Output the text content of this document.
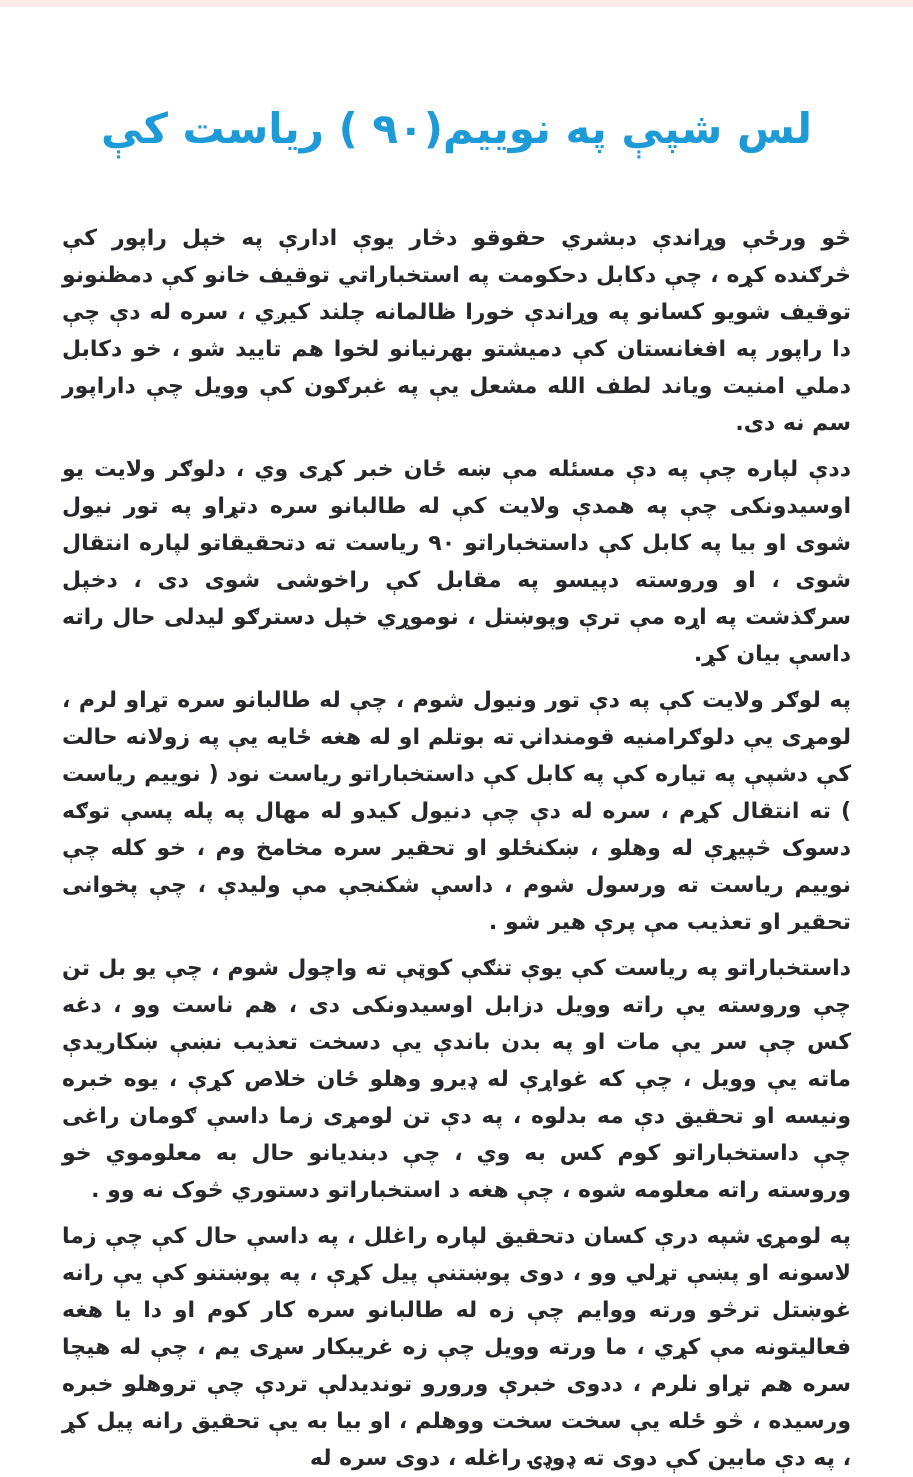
لس شپې په نوييم(۹۰ ) رياست کې

څو ورځې وړاندې دبشري حقوقو دڅار يوې ادارې په خپل راپور کې څرګنده کړه ، چې دکابل دحکومت په استخباراتي توقيف خانو کې دمظنونو توقيف شويو کسانو په وړاندې خورا ظالمانه چلند کيږي ، سره له دې چې دا راپور په افغانستان کې دميشتو بهرنيانو لخوا هم تاييد شو ، خو دکابل دملي امنيت وياند لطف الله مشعل يې په غبرګون کې وويل چې داراپور سم نه دی.

ددې لپاره چې په دې مسئله مې ښه ځان خبر کړی وي ، دلوګر ولايت يو اوسيدونکی چې په همدې ولايت کې له طالبانو سره دتړاو په تور نيول شوی او بيا په کابل کې داستخباراتو ۹۰ رياست ته دتحقيقاتو لپاره انتقال شوی ، او وروسته دپيسو په مقابل کې راخوشی شوی دی ، دخپل سرګذشت په اړه مې ترې وپوښتل ، نوموړي خپل دسترګو ليدلی حال راته داسې بيان کړ.

په لوګر ولايت کې په دې تور ونيول شوم ، چې له طالبانو سره تړاو لرم ، لومړی يې دلوګرامنيه قومندانۍ ته بوتلم او له هغه ځايه يې په زولانه حالت کې دشپې په تياره کې په کابل کې داستخباراتو رياست نود ( نوييم رياست ) ته انتقال کړم ، سره له دې چې دنيول کيدو له مهال په پله پسې توګه دسوک څپيړې له وهلو ، ښکنځلو او تحقير سره مخامخ وم ، خو کله چې نوييم رياست ته ورسول شوم ، داسې شکنجې مې وليدې ، چې پخوانی تحقير او تعذيب مې پرې هير شو .

داستخباراتو په رياست کې يوې تنګې کوټې ته واچول شوم ، چې يو بل تن چې وروسته يې راته وويل دزابل اوسيدونکی دی ، هم ناست وو ، دغه کس چې سر يې مات او په بدن باندې يې دسخت تعذيب نښې ښکاريدې ماته يې وويل ، چې که غواړې له ډيرو وهلو ځان خلاص کړې ، يوه خبره ونيسه او تحقيق دې مه بدلوه ، په دې تن لومړی زما داسې ګومان راغی چې داستخباراتو کوم کس به وي ، چې دبنديانو حال به معلوموي خو وروسته راته معلومه شوه ، چې هغه د استخباراتو دستوري څوک نه وو .

په لومړۍ شپه درې کسان دتحقيق لپاره راغلل ، په داسې حال کې چې زما لاسونه او پښې تړلي وو ، دوی پوښتنې پيل کړې ، په پوښتنو کې يې رانه غوښتل ترڅو ورته ووايم چې زه له طالبانو سره کار کوم او دا يا هغه فعاليتونه مې کړي ، ما ورته وويل چې زه غريبکار سړی يم ، چې له هيچا سره هم تړاو نلرم ، ددوی خبرې ورورو تونديدلې تردې چې تروهلو خبره ورسيده ، څو ځله يې سخت سخت ووهلم ، او بيا به يې تحقيق رانه پيل کړ ، په دې مابين کې دوی ته ډوډۍ راغله ، دوی سره له
